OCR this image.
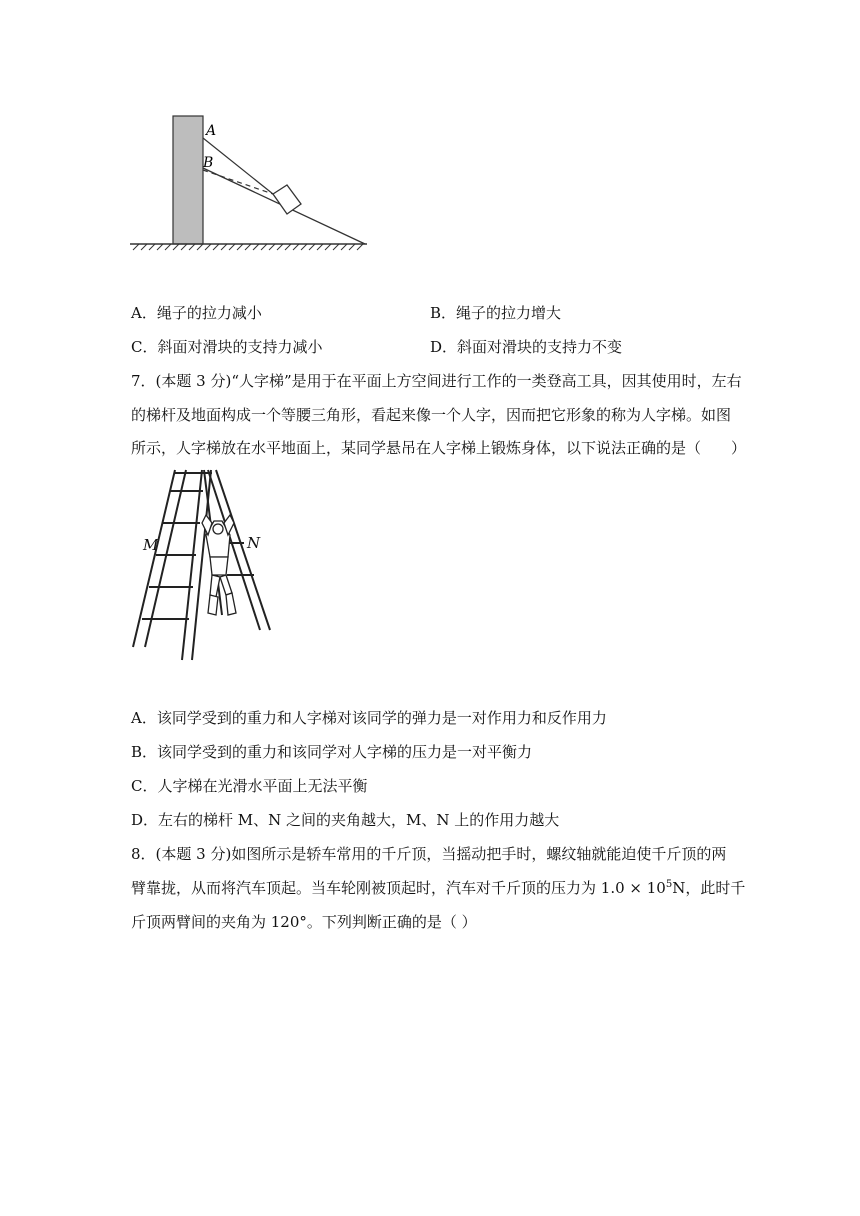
A
B
A．绳子的拉力减小	B．绳子的拉力增大
C．斜面对滑块的支持力减小	D．斜面对滑块的支持力不变
7．(本题 3 分)“人字梯”是用于在平面上方空间进行工作的一类登高工具，因其使用时，左右
的梯杆及地面构成一个等腰三角形，看起来像一个人字，因而把它形象的称为人字梯。如图
所示，人字梯放在水平地面上，某同学悬吊在人字梯上锻炼身体，以下说法正确的是（　　）
M	N
A．该同学受到的重力和人字梯对该同学的弹力是一对作用力和反作用力
B．该同学受到的重力和该同学对人字梯的压力是一对平衡力
C．人字梯在光滑水平面上无法平衡
D．左右的梯杆 M、N 之间的夹角越大，M、N 上的作用力越大
8．(本题 3 分)如图所示是轿车常用的千斤顶，当摇动把手时，螺纹轴就能迫使千斤顶的两
臂靠拢，从而将汽车顶起。当车轮刚被顶起时，汽车对千斤顶的压力为 $1.0 \times 10^5N$，此时千
斤顶两臂间的夹角为 120°。下列判断正确的是（ ）
